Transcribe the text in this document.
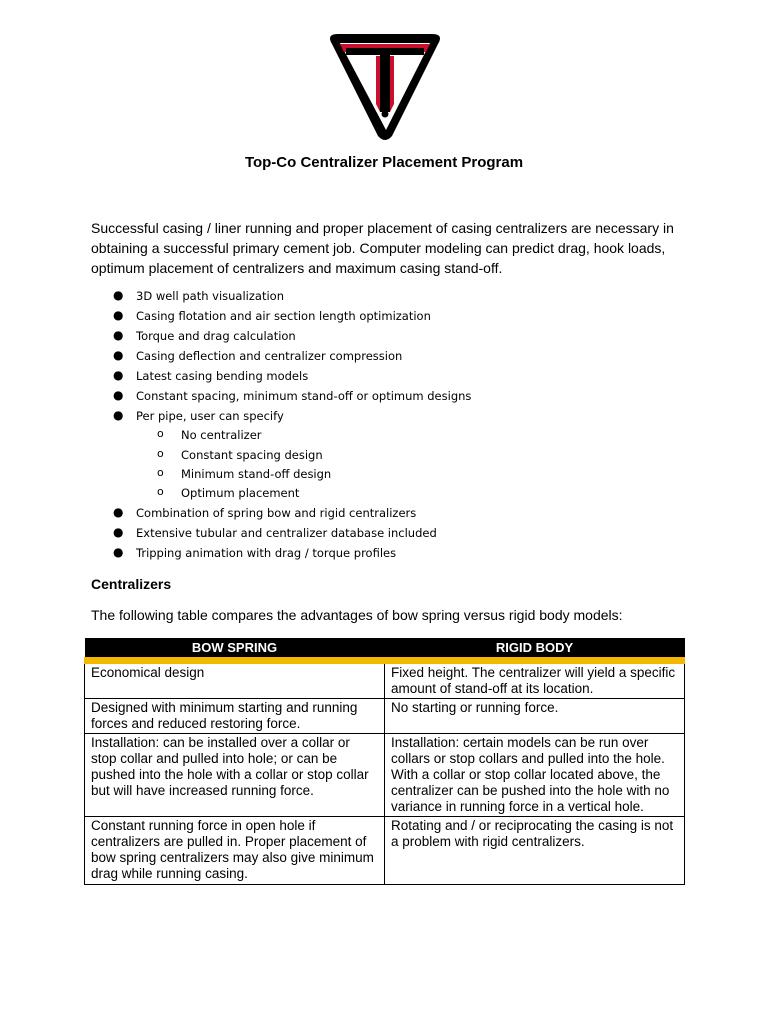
Top-Co Centralizer Placement Program
Successful casing / liner running and proper placement of casing centralizers are necessary in obtaining a successful primary cement job. Computer modeling can predict drag, hook loads, optimum placement of centralizers and maximum casing stand-off.
● 3D well path visualization
● Casing flotation and air section length optimization
● Torque and drag calculation
● Casing deflection and centralizer compression
● Latest casing bending models
● Constant spacing, minimum stand-off or optimum designs
● Per pipe, user can specify
o No centralizer
o Constant spacing design
o Minimum stand-off design
o Optimum placement
● Combination of spring bow and rigid centralizers
● Extensive tubular and centralizer database included
● Tripping animation with drag / torque profiles
Centralizers
The following table compares the advantages of bow spring versus rigid body models:
BOW SPRING	RIGID BODY
Economical design	Fixed height. The centralizer will yield a specific amount of stand-off at its location.
Designed with minimum starting and running forces and reduced restoring force.	No starting or running force.
Installation: can be installed over a collar or stop collar and pulled into hole; or can be pushed into the hole with a collar or stop collar but will have increased running force.	Installation: certain models can be run over collars or stop collars and pulled into the hole. With a collar or stop collar located above, the centralizer can be pushed into the hole with no variance in running force in a vertical hole.
Constant running force in open hole if centralizers are pulled in. Proper placement of bow spring centralizers may also give minimum drag while running casing.	Rotating and / or reciprocating the casing is not a problem with rigid centralizers.
